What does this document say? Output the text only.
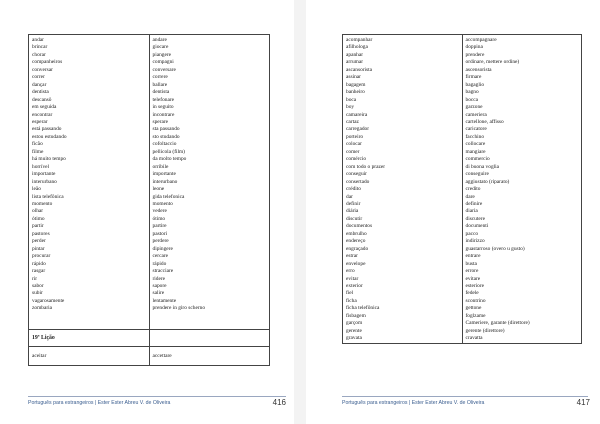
andar	andare
brincar	giocare
chorar	piangere
companheiros	compagni
conversar	conversare
correr	correre
dançar	ballare
dentista	dentista
descansô	telefonare
em seguida	in seguito
encontrar	incontrare
esperar	sperare
está passando	sta passando
estou estudando	sto studando
ficão	cofoltaccio
filme	pellicola (film)
há muito tempo	da molto tempo
horrível	orribile
importante	importante
interurbano	interurbano
leão	leone
lista telefônica	gida telefonica
momento	momento
olhar	vedere
ótimo	ótimo
partir	partire
pastores	pastori
perder	perdere
pintar	dipingere
procurar	cercare
rápido	rápido
rasgar	stracciare
rir	ridere
sabor	sapore
subir	salire
vagarosamente	lentamente
zombaria	prendere in giro scherno

19ª Lição	
aceitar	accettare
Português para estrangeiros | Ester Ester Abreu V. de Oliveira	416
acompanhar	accompagnare
afilhologa	doppina
apanhar	prendere
arrumar	ordinare, mettere ordine)
ascansorista	ascensorista
assinar	firmare
bagagem	bagaglio
banheiro	bagno
boca	bocca
boy	garzone
camareira	cameriera
cartaz	cartellone, affisso
carregador	caricatore
porteiro	facchino
colocar	collocare
comer	mangiare
comércio	commercio
com todo o prazer	di buona voglia
conseguir	conseguire
consertado	aggiustato (riparato)
crédito	credito
dar	dare
definir	definire
diária	diaria
discutir	discutere
documentos	documenti
embrulho	pacco
endereço	indirizzo
engraçado	guastarroso (overo u gusto)
estrar	entrare
envelope	busta
erro	errore
evitar	evitare
exterior	esteriore
fiel	fedele
ficha	scontrino
ficha telefônica	gettone
fisbagem	foglzame
garçom	Cameriere, garante (direttore)
gerente	gerente (direttore)
gravata	cravatta
Português para estrangeiros | Ester Ester Abreu V. de Oliveira	417
